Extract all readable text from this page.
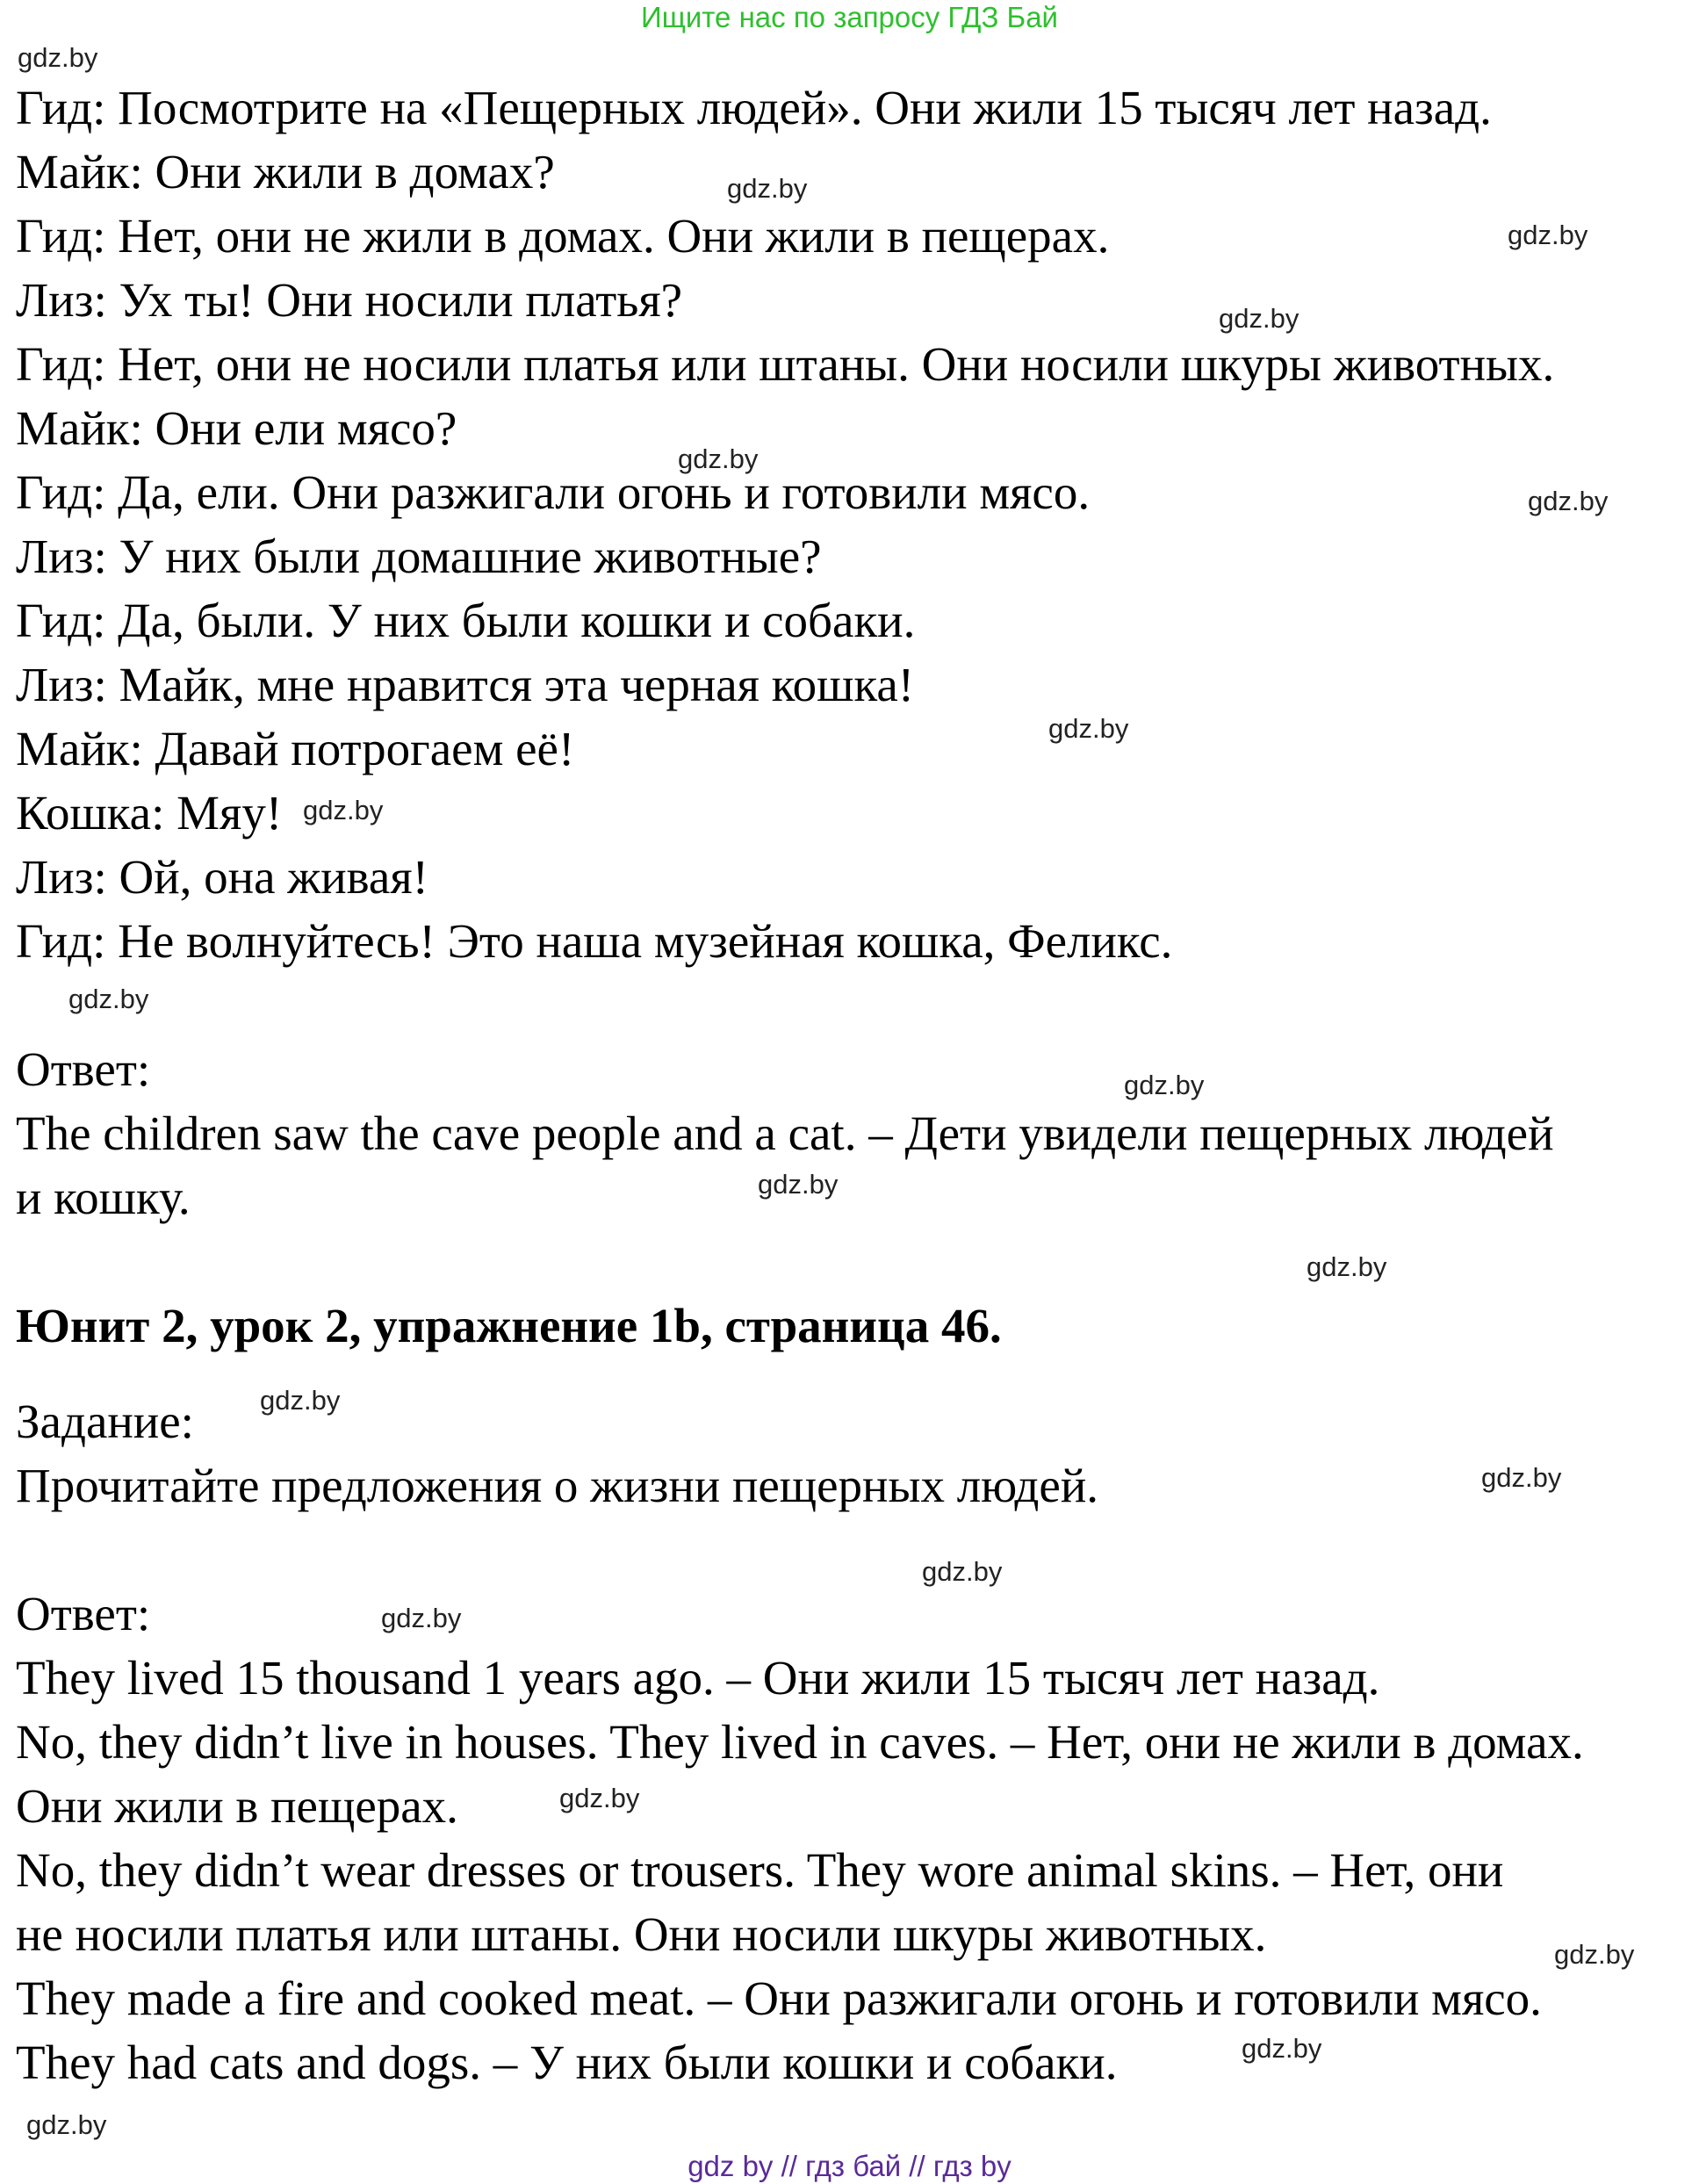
Ищите нас по запросу ГДЗ Бай
Гид: Посмотрите на «Пещерных людей». Они жили 15 тысяч лет назад.
Майк: Они жили в домах?
Гид: Нет, они не жили в домах. Они жили в пещерах.
Лиз: Ух ты! Они носили платья?
Гид: Нет, они не носили платья или штаны. Они носили шкуры животных.
Майк: Они ели мясо?
Гид: Да, ели. Они разжигали огонь и готовили мясо.
Лиз: У них были домашние животные?
Гид: Да, были. У них были кошки и собаки.
Лиз: Майк, мне нравится эта черная кошка!
Майк: Давай потрогаем её!
Кошка: Мяу!
Лиз: Ой, она живая!
Гид: Не волнуйтесь! Это наша музейная кошка, Феликс.
Ответ:
The children saw the cave people and a cat. – Дети увидели пещерных людей
и кошку.
Юнит 2, урок 2, упражнение 1b, страница 46.
Задание:
Прочитайте предложения о жизни пещерных людей.
Ответ:
They lived 15 thousand 1 years ago. – Они жили 15 тысяч лет назад.
No, they didn’t live in houses. They lived in caves. – Нет, они не жили в домах.
Они жили в пещерах.
No, they didn’t wear dresses or trousers. They wore animal skins. – Нет, они
не носили платья или штаны. Они носили шкуры животных.
They made a fire and cooked meat. – Они разжигали огонь и готовили мясо.
They had cats and dogs. – У них были кошки и собаки.
gdz.by
gdz.by
gdz.by
gdz.by
gdz.by
gdz.by
gdz.by
gdz.by
gdz.by
gdz.by
gdz.by
gdz.by
gdz.by
gdz.by
gdz.by
gdz.by
gdz.by
gdz.by
gdz.by
gdz.by
gdz by // гдз бай // гдз by
